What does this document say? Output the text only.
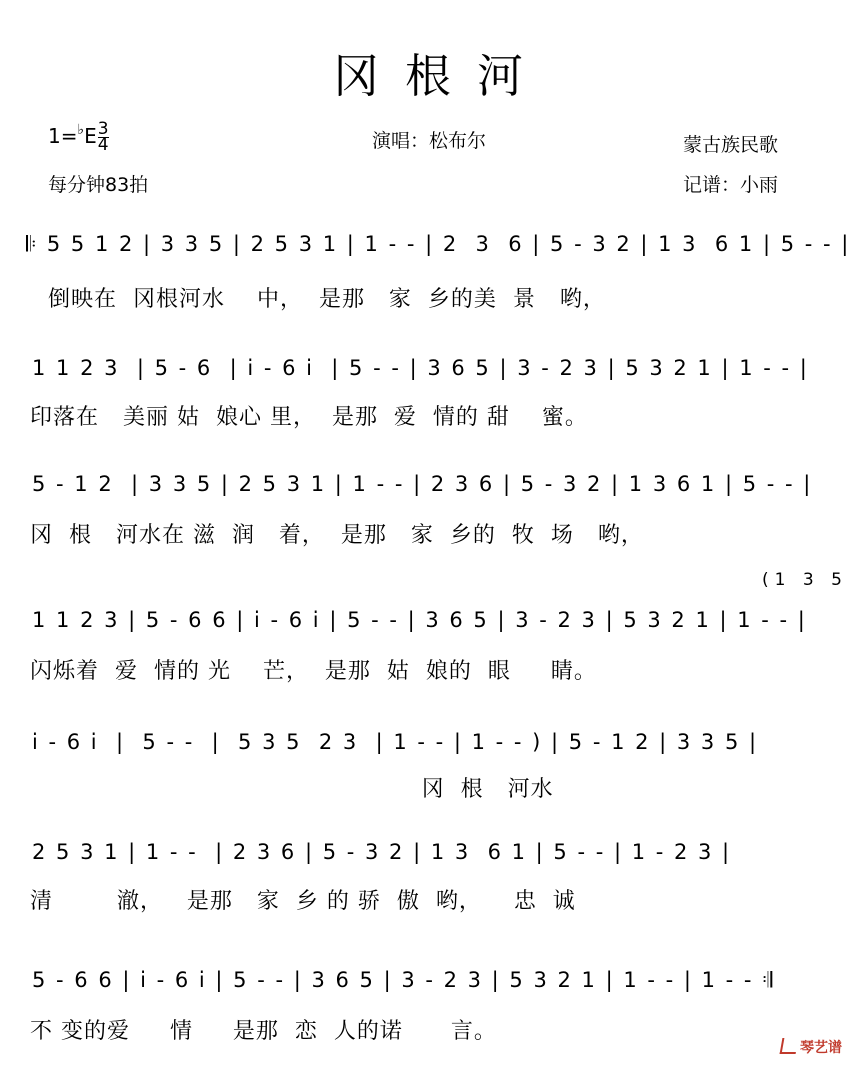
冈根河
$1=^♭E \frac{3}{4}$
每分钟83拍
演唱：松布尔	蒙古族民歌
记谱：小雨
𝄆 5 5 1 2 | 3 3 5 | 2 5 3 1 | 1 - - | 2  3  6 | 5 - 3 2 | 1 3  6 1 | 5 - - |
倒映在  冈根河水    中，  是那   家  乡的美  景   哟，
1 1 2 3  | 5 - 6  | i - 6 i  | 5 - - | 3 6 5 | 3 - 2 3 | 5 3 2 1 | 1 - - |
印落在   美丽 姑  娘心 里，  是那  爱  情的 甜    蜜。
5 - 1 2  | 3 3 5 | 2 5 3 1 | 1 - - | 2 3 6 | 5 - 3 2 | 1 3 6 1 | 5 - - |
冈  根   河水在 滋  润   着，  是那   家  乡的  牧  场   哟，
(1 3 5
1 1 2 3 | 5 - 6 6 | i - 6 i | 5 - - | 3 6 5 | 3 - 2 3 | 5 3 2 1 | 1 - - |
闪烁着  爱  情的 光    芒，  是那  姑  娘的  眼     睛。
i - 6 i  |  5 - -  |  5 3 5  2 3  | 1 - - | 1 - - ) | 5 - 1 2 | 3 3 5 |
冈  根   河水
2 5 3 1 | 1 - -  | 2 3 6 | 5 - 3 2 | 1 3  6 1 | 5 - - | 1 - 2 3 |
清        澈，   是那   家  乡 的 骄  傲  哟，    忠  诚
5 - 6 6 | i - 6 i | 5 - - | 3 6 5 | 3 - 2 3 | 5 3 2 1 | 1 - - | 1 - - 𝄇
不 变的爱     情     是那  恋  人的诺      言。
琴艺谱
